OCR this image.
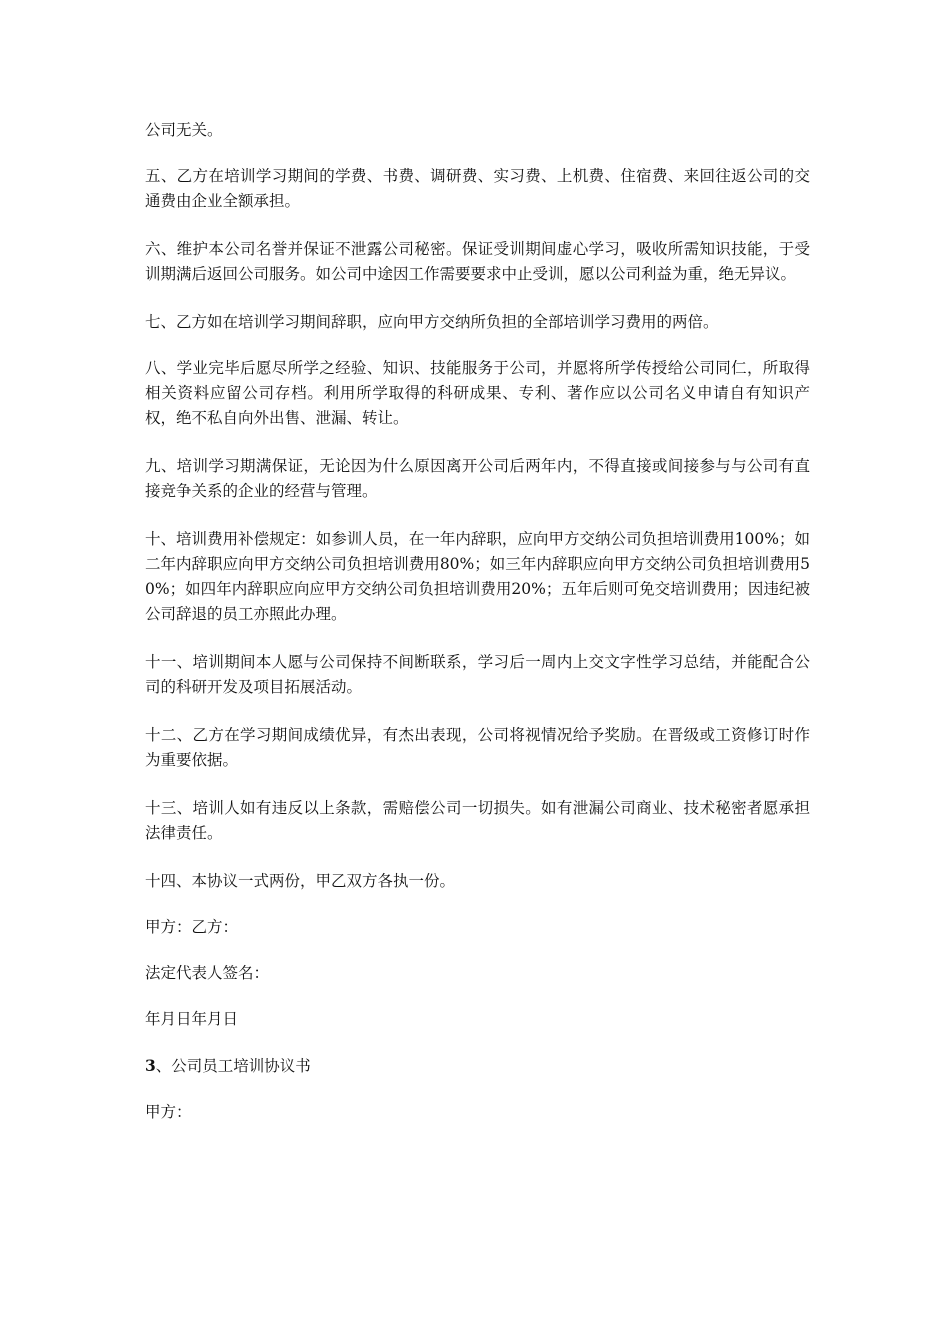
公司无关。

五、乙方在培训学习期间的学费、书费、调研费、实习费、上机费、住宿费、来回往返公司的交通费由企业全额承担。

六、维护本公司名誉并保证不泄露公司秘密。保证受训期间虚心学习，吸收所需知识技能，于受训期满后返回公司服务。如公司中途因工作需要要求中止受训，愿以公司利益为重，绝无异议。

七、乙方如在培训学习期间辞职，应向甲方交纳所负担的全部培训学习费用的两倍。

八、学业完毕后愿尽所学之经验、知识、技能服务于公司，并愿将所学传授给公司同仁，所取得相关资料应留公司存档。利用所学取得的科研成果、专利、著作应以公司名义申请自有知识产权，绝不私自向外出售、泄漏、转让。

九、培训学习期满保证，无论因为什么原因离开公司后两年内，不得直接或间接参与与公司有直接竞争关系的企业的经营与管理。

十、培训费用补偿规定：如参训人员，在一年内辞职，应向甲方交纳公司负担培训费用100%；如二年内辞职应向甲方交纳公司负担培训费用80%；如三年内辞职应向甲方交纳公司负担培训费用50%；如四年内辞职应向应甲方交纳公司负担培训费用20%；五年后则可免交培训费用；因违纪被公司辞退的员工亦照此办理。

十一、培训期间本人愿与公司保持不间断联系，学习后一周内上交文字性学习总结，并能配合公司的科研开发及项目拓展活动。

十二、乙方在学习期间成绩优异，有杰出表现，公司将视情况给予奖励。在晋级或工资修订时作为重要依据。

十三、培训人如有违反以上条款，需赔偿公司一切损失。如有泄漏公司商业、技术秘密者愿承担法律责任。

十四、本协议一式两份，甲乙双方各执一份。

甲方：乙方：

法定代表人签名：

年月日年月日

3、公司员工培训协议书

甲方：
